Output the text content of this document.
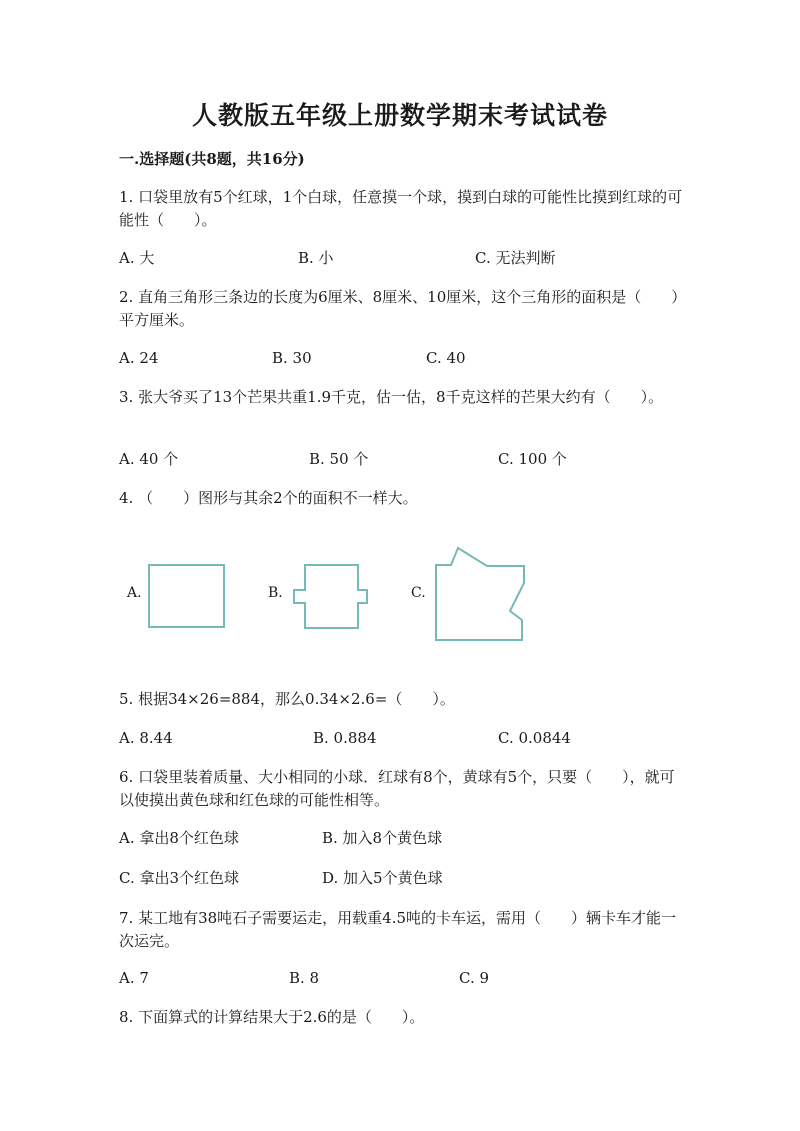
人教版五年级上册数学期末考试试卷
一.选择题(共8题，共16分)
1. 口袋里放有5个红球，1个白球，任意摸一个球，摸到白球的可能性比摸到红球的可能性（　　）。
A. 大	B. 小	C. 无法判断
2. 直角三角形三条边的长度为6厘米、8厘米、10厘米，这个三角形的面积是（　　）平方厘米。
A. 24	B. 30	C. 40
3. 张大爷买了13个芒果共重1.9千克，估一估，8千克这样的芒果大约有（　　）。
A. 40 个	B. 50 个	C. 100 个
4. （　　）图形与其余2个的面积不一样大。
A.	B.	C.
5. 根据34×26=884，那么0.34×2.6=（　　）。
A. 8.44	B. 0.884	C. 0.0844
6. 口袋里装着质量、大小相同的小球．红球有8个，黄球有5个，只要（　　），就可以使摸出黄色球和红色球的可能性相等。
A. 拿出8个红色球	B. 加入8个黄色球
C. 拿出3个红色球	D. 加入5个黄色球
7. 某工地有38吨石子需要运走，用载重4.5吨的卡车运，需用（　　）辆卡车才能一次运完。
A. 7	B. 8	C. 9
8. 下面算式的计算结果大于2.6的是（　　）。
